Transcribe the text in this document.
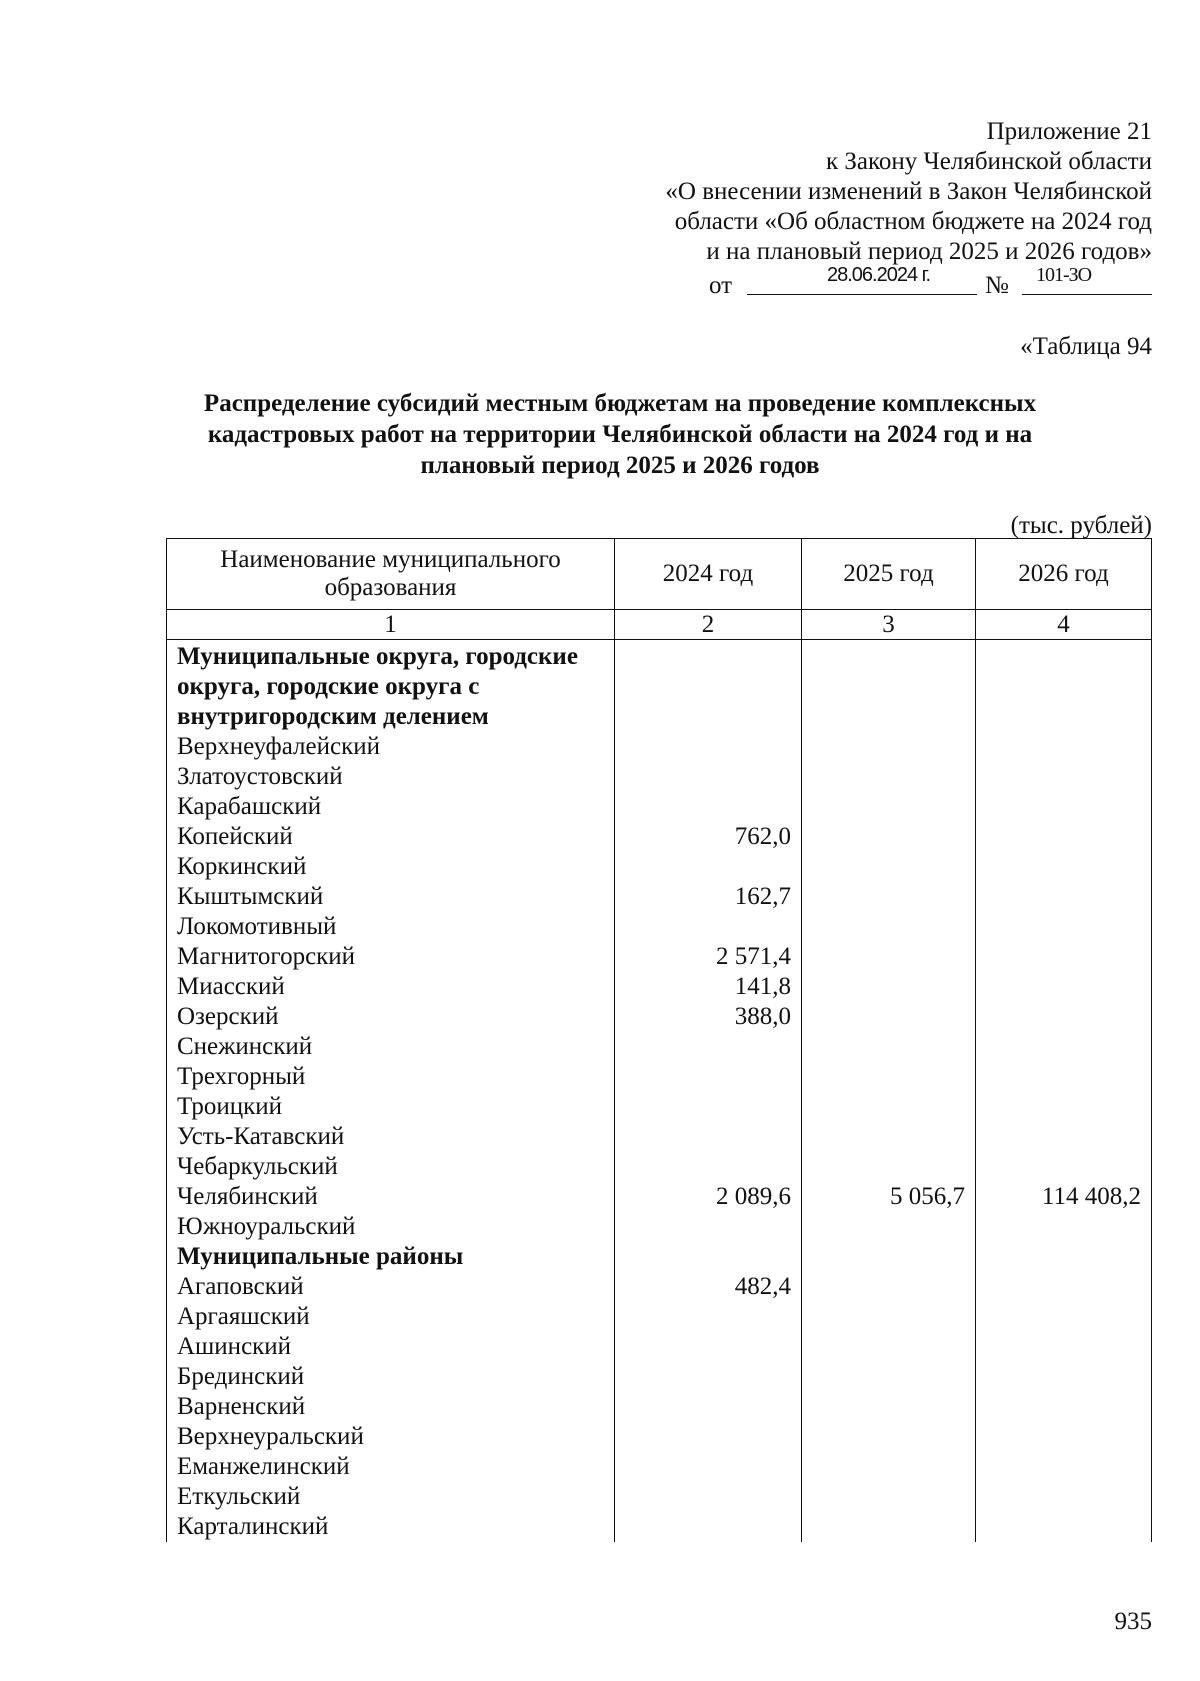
Приложение 21
к Закону Челябинской области
«О внесении изменений в Закон Челябинской
области «Об областном бюджете на 2024 год
и на плановый период 2025 и 2026 годов»
от	28.06.2024 г. № 101-ЗО
«Таблица 94
Распределение субсидий местным бюджетам на проведение комплексных кадастровых работ на территории Челябинской области на 2024 год и на плановый период 2025 и 2026 годов
(тыс. рублей)
Наименование муниципального образования	2024 год	2025 год	2026 год
1	2	3	4
Муниципальные округа, городские округа, городские округа с внутригородским делением			
Верхнеуфалейский			
Златоустовский			
Карабашский			
Копейский	762,0		
Коркинский			
Кыштымский	162,7		
Локомотивный			
Магнитогорский	2 571,4		
Миасский	141,8		
Озерский	388,0		
Снежинский			
Трехгорный			
Троицкий			
Усть-Катавский			
Чебаркульский			
Челябинский	2 089,6	5 056,7	114 408,2
Южноуральский			
Муниципальные районы			
Агаповский	482,4		
Аргаяшский			
Ашинский			
Брединский			
Варненский			
Верхнеуральский			
Еманжелинский			
Еткульский			
Карталинский			
935
